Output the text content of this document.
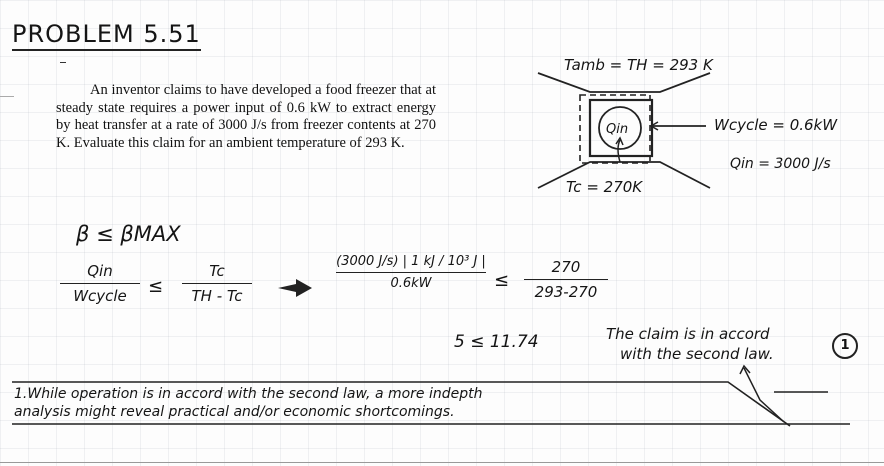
PROBLEM 5.51
An inventor claims to have developed a food freezer that at steady state requires a power input of 0.6 kW to extract energy by heat transfer at a rate of 3000 J/s from freezer contents at 270 K. Evaluate this claim for an ambient temperature of 293 K.
Qin
Tamb = TH = 293 K
Wcycle = 0.6kW
Qin = 3000 J/s
Tc = 270K
β ≤ βMAX
Qin
Wcycle	≤
Tc
TH - Tc
(3000 J/s) | 1 kJ / 10³ J |
0.6kW	≤
270
293-270
5 ≤ 11.74	The claim is in accord
with the second law.	1
1.While operation is in accord with the second law, a more indepth
analysis might reveal practical and/or economic shortcomings.
